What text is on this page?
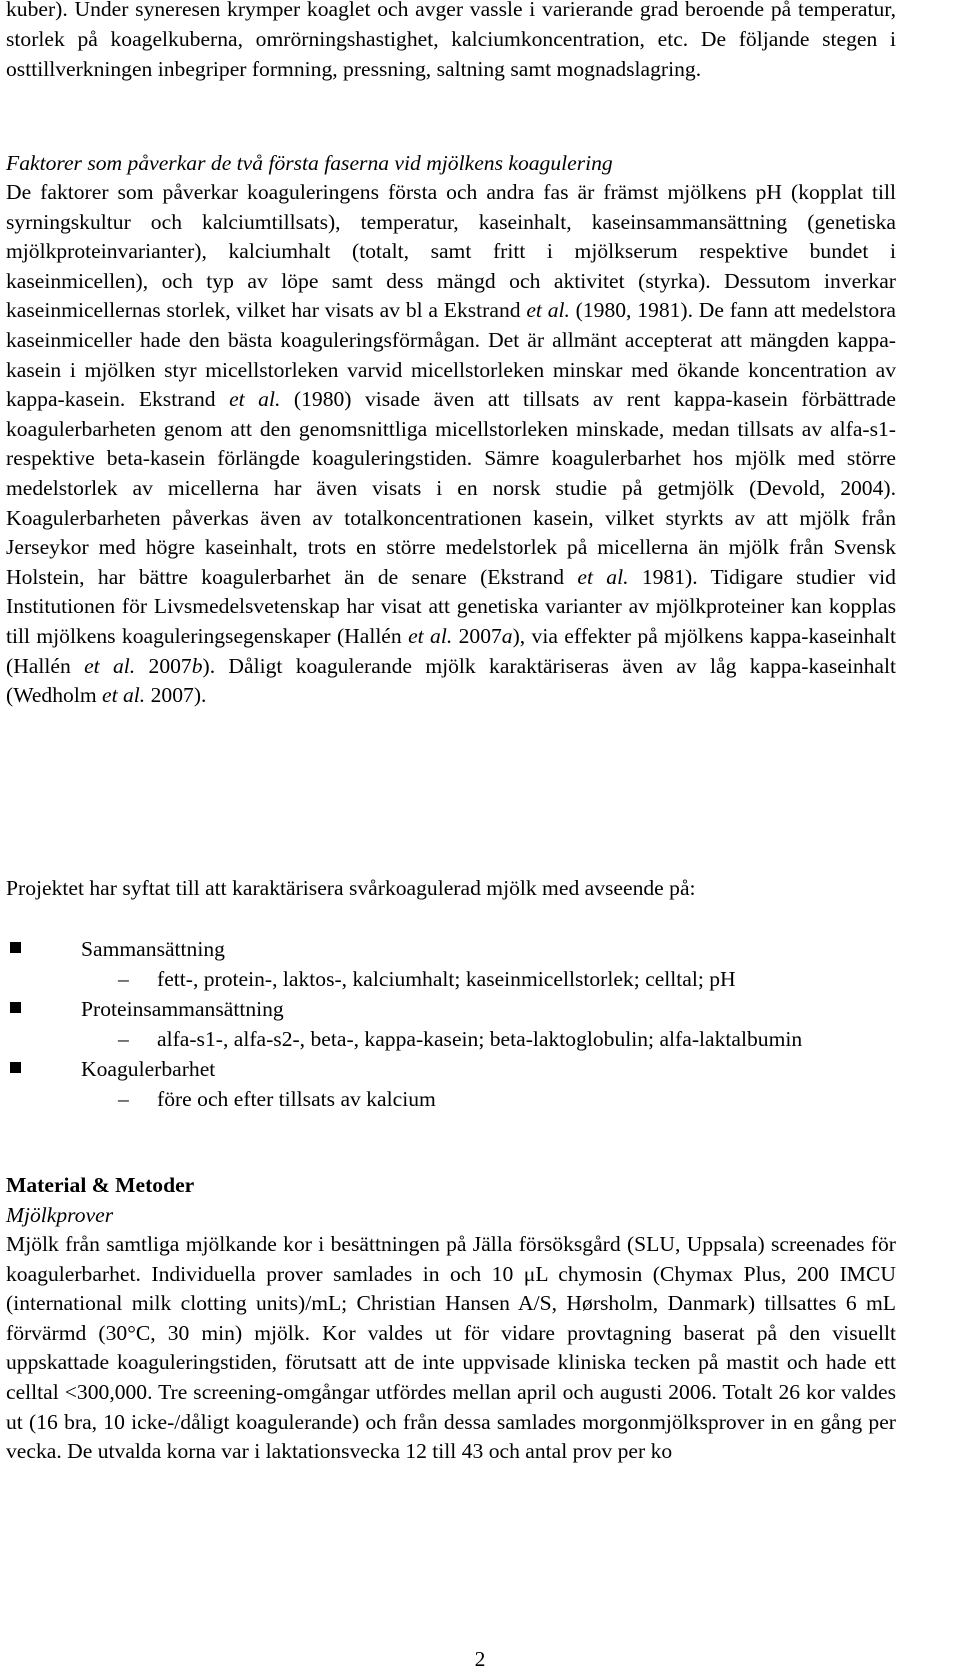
kuber). Under syneresen krymper koaglet och avger vassle i varierande grad beroende på temperatur, storlek på koagelkuberna, omrörningshastighet, kalciumkoncentration, etc. De följande stegen i osttillverkningen inbegriper formning, pressning, saltning samt mognadslagring.

Faktorer som påverkar de två första faserna vid mjölkens koagulering

De faktorer som påverkar koaguleringens första och andra fas är främst mjölkens pH (kopplat till syrningskultur och kalciumtillsats), temperatur, kaseinhalt, kaseinsammansättning (genetiska mjölkproteinvarianter), kalciumhalt (totalt, samt fritt i mjölkserum respektive bundet i kaseinmicellen), och typ av löpe samt dess mängd och aktivitet (styrka). Dessutom inverkar kaseinmicellernas storlek, vilket har visats av bl a Ekstrand et al. (1980, 1981). De fann att medelstora kaseinmiceller hade den bästa koaguleringsförmågan. Det är allmänt accepterat att mängden kappa-kasein i mjölken styr micellstorleken varvid micellstorleken minskar med ökande koncentration av kappa-kasein. Ekstrand et al. (1980) visade även att tillsats av rent kappa-kasein förbättrade koagulerbarheten genom att den genomsnittliga micellstorleken minskade, medan tillsats av alfa-s1- respektive beta-kasein förlängde koaguleringstiden. Sämre koagulerbarhet hos mjölk med större medelstorlek av micellerna har även visats i en norsk studie på getmjölk (Devold, 2004). Koagulerbarheten påverkas även av totalkoncentrationen kasein, vilket styrkts av att mjölk från Jerseykor med högre kaseinhalt, trots en större medelstorlek på micellerna än mjölk från Svensk Holstein, har bättre koagulerbarhet än de senare (Ekstrand et al. 1981). Tidigare studier vid Institutionen för Livsmedelsvetenskap har visat att genetiska varianter av mjölkproteiner kan kopplas till mjölkens koaguleringsegenskaper (Hallén et al. 2007a), via effekter på mjölkens kappa-kaseinhalt (Hallén et al. 2007b). Dåligt koagulerande mjölk karaktäriseras även av låg kappa-kaseinhalt (Wedholm et al. 2007).

Projektet har syftat till att karaktärisera svårkoagulerad mjölk med avseende på:

Sammansättning
– fett-, protein-, laktos-, kalciumhalt; kaseinmicellstorlek; celltal; pH
Proteinsammansättning
– alfa-s1-, alfa-s2-, beta-, kappa-kasein; beta-laktoglobulin; alfa-laktalbumin
Koagulerbarhet
– före och efter tillsats av kalcium

Material & Metoder

Mjölkprover

Mjölk från samtliga mjölkande kor i besättningen på Jälla försöksgård (SLU, Uppsala) screenades för koagulerbarhet. Individuella prover samlades in och 10 μL chymosin (Chymax Plus, 200 IMCU (international milk clotting units)/mL; Christian Hansen A/S, Hørsholm, Danmark) tillsattes 6 mL förvärmd (30°C, 30 min) mjölk. Kor valdes ut för vidare provtagning baserat på den visuellt uppskattade koaguleringstiden, förutsatt att de inte uppvisade kliniska tecken på mastit och hade ett celltal <300,000. Tre screening-omgångar utfördes mellan april och augusti 2006. Totalt 26 kor valdes ut (16 bra, 10 icke-/dåligt koagulerande) och från dessa samlades morgonmjölksprover in en gång per vecka. De utvalda korna var i laktationsvecka 12 till 43 och antal prov per ko

2
